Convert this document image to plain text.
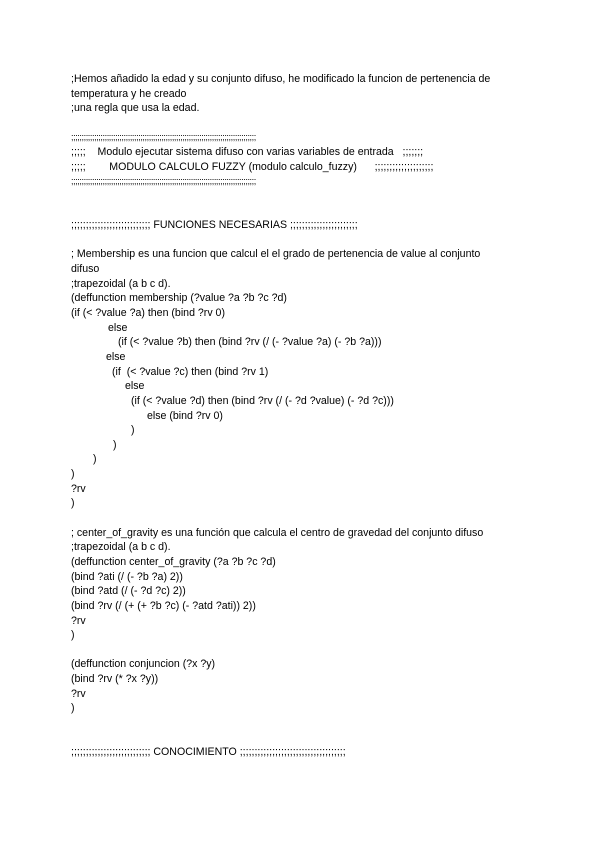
;Hemos añadido la edad y su conjunto difuso, he modificado la funcion de pertenencia de
temperatura y he creado
;una regla que usa la edad.
;;;;;;;;;;;;;;;;;;;;;;;;;;;;;;;;;;;;;;;;;;;;;;;;;;;;;;;;;;;;;;;;;;;;;;;;;;;;;;;;;;;;;;;;
;;;;;    Modulo ejecutar sistema difuso con varias variables de entrada   ;;;;;;;
;;;;;        MODULO CALCULO FUZZY (modulo calculo_fuzzy)      ;;;;;;;;;;;;;;;;;;;;
;;;;;;;;;;;;;;;;;;;;;;;;;;;;;;;;;;;;;;;;;;;;;;;;;;;;;;;;;;;;;;;;;;;;;;;;;;;;;;;;;;;;;;;;
;;;;;;;;;;;;;;;;;;;;;;;;;;; FUNCIONES NECESARIAS ;;;;;;;;;;;;;;;;;;;;;;;
; Membership es una funcion que calcul el el grado de pertenencia de value al conjunto
difuso
;trapezoidal (a b c d).
(deffunction membership (?value ?a ?b ?c ?d)
(if (< ?value ?a) then (bind ?rv 0)
else
(if (< ?value ?b) then (bind ?rv (/ (- ?value ?a) (- ?b ?a)))
else
(if  (< ?value ?c) then (bind ?rv 1)
else
(if (< ?value ?d) then (bind ?rv (/ (- ?d ?value) (- ?d ?c)))
else (bind ?rv 0)
)
)
)
)
?rv
)
; center_of_gravity es una función que calcula el centro de gravedad del conjunto difuso
;trapezoidal (a b c d).
(deffunction center_of_gravity (?a ?b ?c ?d)
(bind ?ati (/ (- ?b ?a) 2))
(bind ?atd (/ (- ?d ?c) 2))
(bind ?rv (/ (+ (+ ?b ?c) (- ?atd ?ati)) 2))
?rv
)
(deffunction conjuncion (?x ?y)
(bind ?rv (* ?x ?y))
?rv
)
;;;;;;;;;;;;;;;;;;;;;;;;;;; CONOCIMIENTO ;;;;;;;;;;;;;;;;;;;;;;;;;;;;;;;;;;;;
